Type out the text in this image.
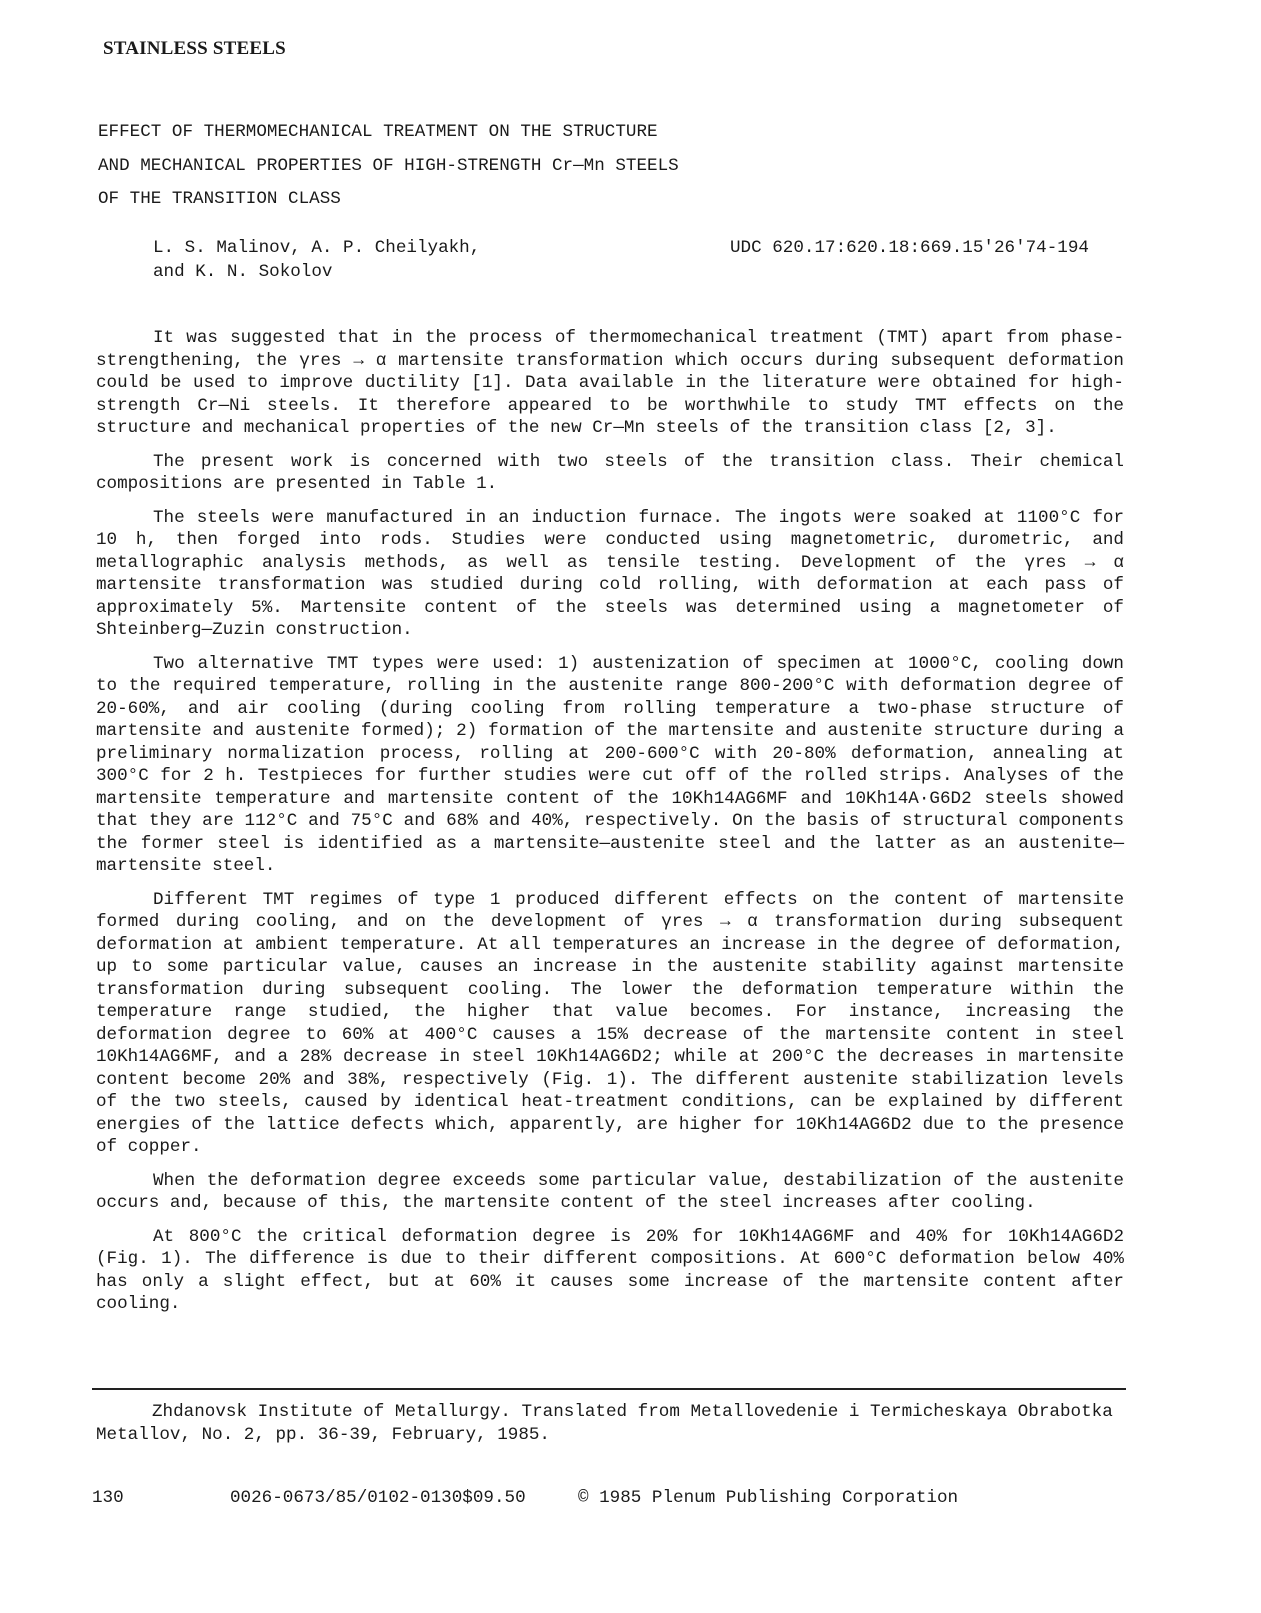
STAINLESS STEELS
EFFECT OF THERMOMECHANICAL TREATMENT ON THE STRUCTURE
AND MECHANICAL PROPERTIES OF HIGH-STRENGTH Cr—Mn STEELS
OF THE TRANSITION CLASS
L. S. Malinov, A. P. Cheilyakh,
and K. N. Sokolov
UDC 620.17:620.18:669.15'26'74-194

It was suggested that in the process of thermomechanical treatment (TMT) apart from phase-strengthening, the γres → α martensite transformation which occurs during subsequent deformation could be used to improve ductility [1]. Data available in the literature were obtained for high-strength Cr—Ni steels. It therefore appeared to be worthwhile to study TMT effects on the structure and mechanical properties of the new Cr—Mn steels of the transition class [2, 3].

The present work is concerned with two steels of the transition class. Their chemical compositions are presented in Table 1.

The steels were manufactured in an induction furnace. The ingots were soaked at 1100°C for 10 h, then forged into rods. Studies were conducted using magnetometric, durometric, and metallographic analysis methods, as well as tensile testing. Development of the γres → α martensite transformation was studied during cold rolling, with deformation at each pass of approximately 5%. Martensite content of the steels was determined using a magnetometer of Shteinberg—Zuzin construction.

Two alternative TMT types were used: 1) austenization of specimen at 1000°C, cooling down to the required temperature, rolling in the austenite range 800-200°C with deformation degree of 20-60%, and air cooling (during cooling from rolling temperature a two-phase structure of martensite and austenite formed); 2) formation of the martensite and austenite structure during a preliminary normalization process, rolling at 200-600°C with 20-80% deformation, annealing at 300°C for 2 h. Testpieces for further studies were cut off of the rolled strips. Analyses of the martensite temperature and martensite content of the 10Kh14AG6MF and 10Kh14A·G6D2 steels showed that they are 112°C and 75°C and 68% and 40%, respectively. On the basis of structural components the former steel is identified as a martensite—austenite steel and the latter as an austenite—martensite steel.

Different TMT regimes of type 1 produced different effects on the content of martensite formed during cooling, and on the development of γres → α transformation during subsequent deformation at ambient temperature. At all temperatures an increase in the degree of deformation, up to some particular value, causes an increase in the austenite stability against martensite transformation during subsequent cooling. The lower the deformation temperature within the temperature range studied, the higher that value becomes. For instance, increasing the deformation degree to 60% at 400°C causes a 15% decrease of the martensite content in steel 10Kh14AG6MF, and a 28% decrease in steel 10Kh14AG6D2; while at 200°C the decreases in martensite content become 20% and 38%, respectively (Fig. 1). The different austenite stabilization levels of the two steels, caused by identical heat-treatment conditions, can be explained by different energies of the lattice defects which, apparently, are higher for 10Kh14AG6D2 due to the presence of copper.

When the deformation degree exceeds some particular value, destabilization of the austenite occurs and, because of this, the martensite content of the steel increases after cooling.

At 800°C the critical deformation degree is 20% for 10Kh14AG6MF and 40% for 10Kh14AG6D2 (Fig. 1). The difference is due to their different compositions. At 600°C deformation below 40% has only a slight effect, but at 60% it causes some increase of the martensite content after cooling.

Zhdanovsk Institute of Metallurgy. Translated from Metallovedenie i Termicheskaya Obrabotka Metallov, No. 2, pp. 36-39, February, 1985.

130	0026-0673/85/0102-0130$09.50	© 1985 Plenum Publishing Corporation
